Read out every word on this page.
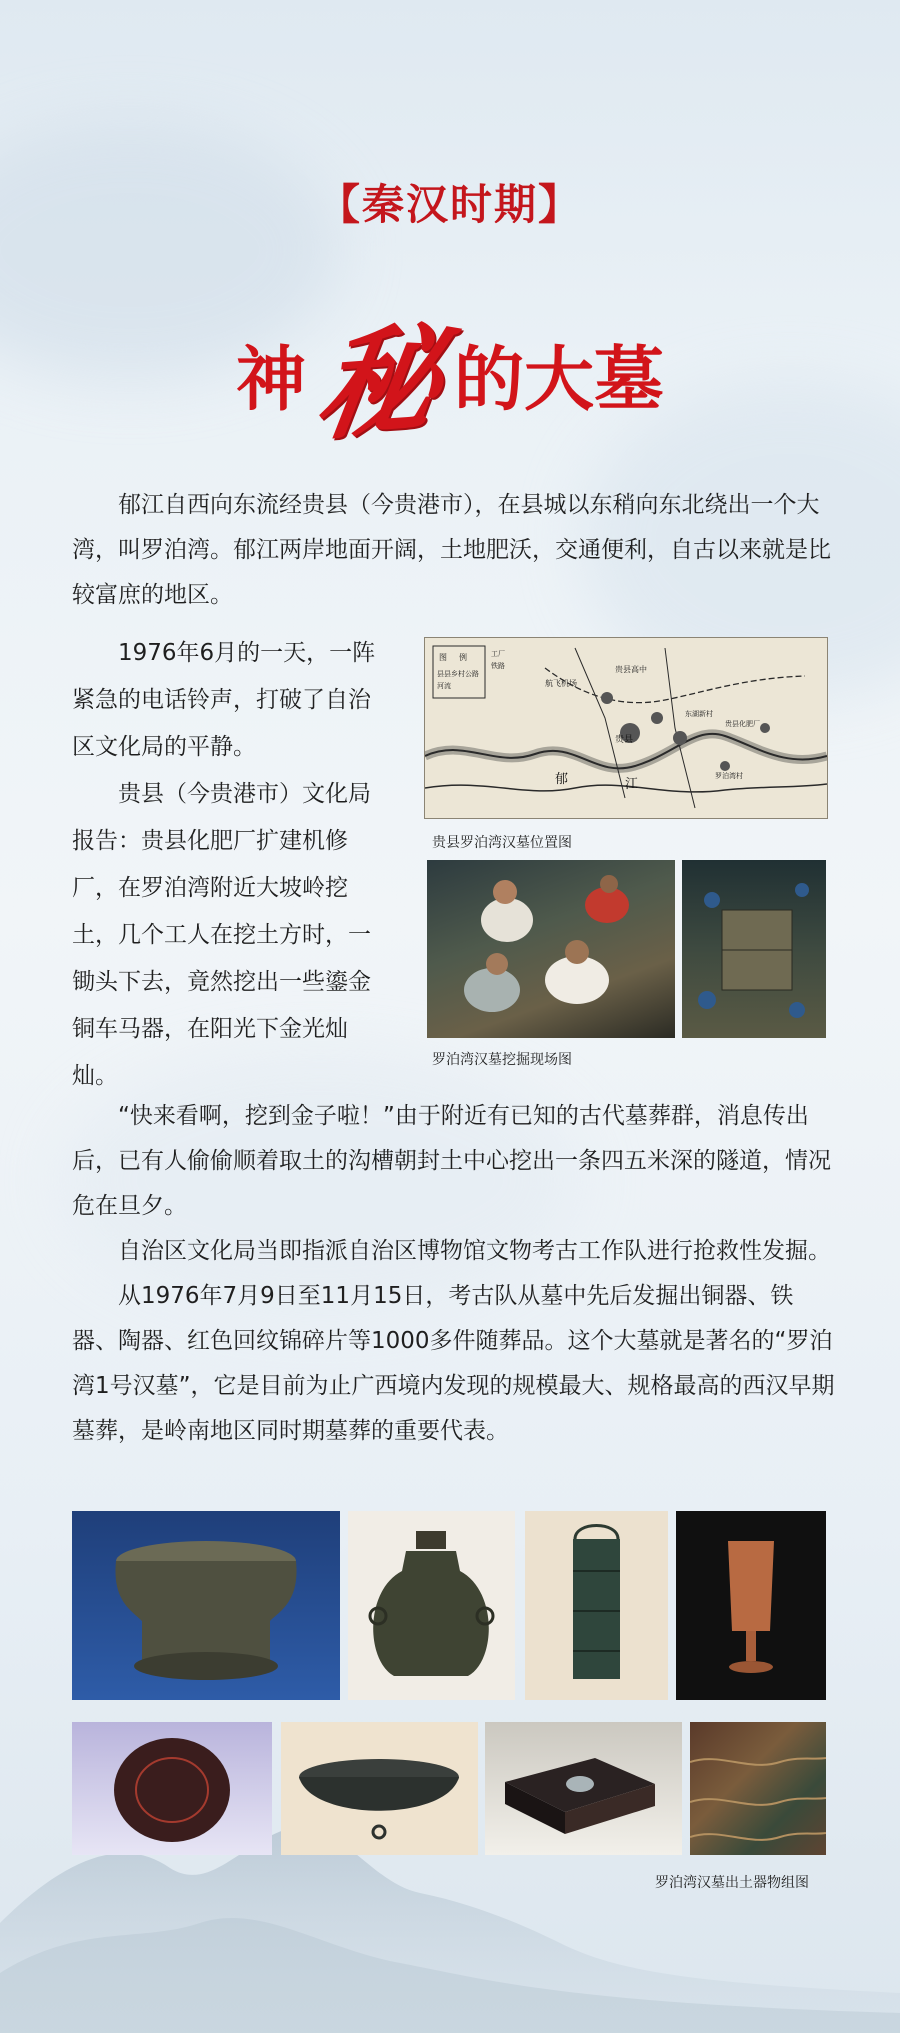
【秦汉时期】
神秘的大墓

郁江自西向东流经贵县（今贵港市），在县城以东稍向东北绕出一个大湾，叫罗泊湾。郁江两岸地面开阔，土地肥沃，交通便利，自古以来就是比较富庶的地区。

1976年6月的一天，一阵紧急的电话铃声，打破了自治区文化局的平静。

贵县（今贵港市）文化局报告：贵县化肥厂扩建机修厂，在罗泊湾附近大坡岭挖土，几个工人在挖土方时，一锄头下去，竟然挖出一些鎏金铜车马器，在阳光下金光灿灿。

图 例
县县乡村公路
河流
工厂
铁路
航飞机场
贵县高中
贵县
东湖新村
罗泊湾村
贵县化肥厂
郁	江
贵县罗泊湾汉墓位置图
罗泊湾汉墓挖掘现场图

“快来看啊，挖到金子啦！”由于附近有已知的古代墓葬群，消息传出后，已有人偷偷顺着取土的沟槽朝封土中心挖出一条四五米深的隧道，情况危在旦夕。

自治区文化局当即指派自治区博物馆文物考古工作队进行抢救性发掘。

从1976年7月9日至11月15日，考古队从墓中先后发掘出铜器、铁器、陶器、红色回纹锦碎片等1000多件随葬品。这个大墓就是著名的“罗泊湾1号汉墓”，它是目前为止广西境内发现的规模最大、规格最高的西汉早期墓葬，是岭南地区同时期墓葬的重要代表。

罗泊湾汉墓出土器物组图
